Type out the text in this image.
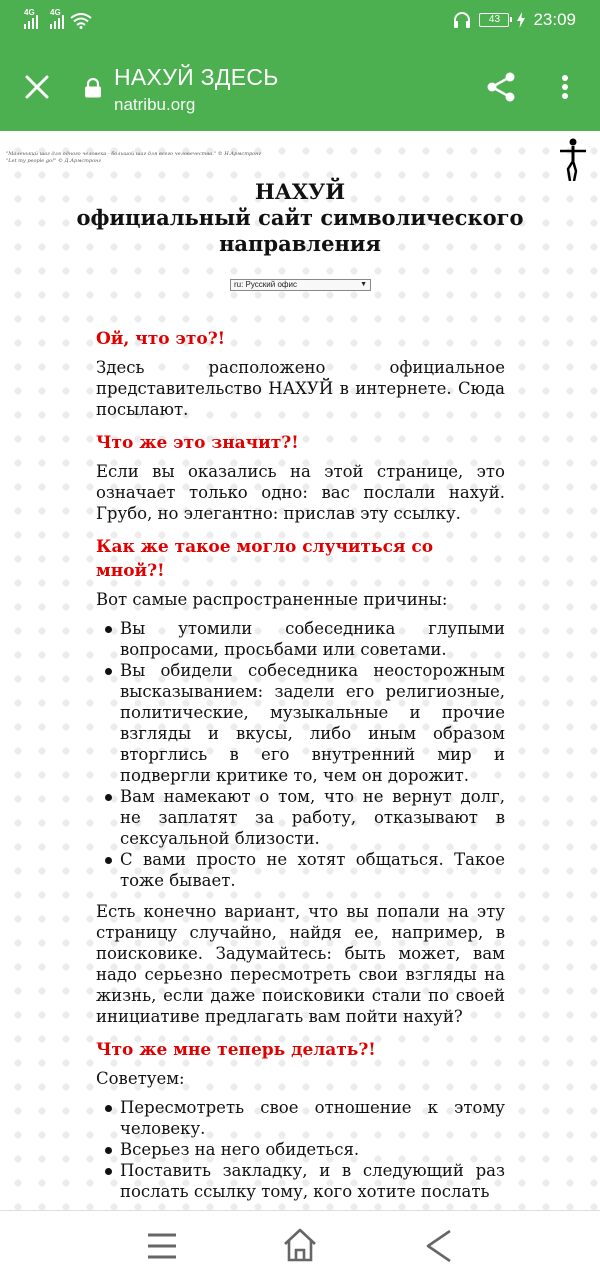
4G 4G
43	23:09
НАХУЙ ЗДЕСЬ
natribu.org
"Маленький шаг для одного человека - большой шаг для всего человечества." © Н.Армстронг
"Let my people go!" © Д.Армстронг
НАХУЙ
официальный сайт символического
направления
ru: Русский офис	▼
Ой, что это?!

Здесь расположено официальное представительство НАХУЙ в интернете. Сюда посылают.

Что же это значит?!

Если вы оказались на этой странице, это означает только одно: вас послали нахуй. Грубо, но элегантно: прислав эту ссылку.

Как же такое могло случиться со мной?!

Вот самые распространенные причины:

Вы утомили собеседника глупыми вопросами, просьбами или советами.
Вы обидели собеседника неосторожным высказыванием: задели его религиозные, политические, музыкальные и прочие взгляды и вкусы, либо иным образом вторглись в его внутренний мир и подвергли критике то, чем он дорожит.
Вам намекают о том, что не вернут долг, не заплатят за работу, отказывают в сексуальной близости.
С вами просто не хотят общаться. Такое тоже бывает.

Есть конечно вариант, что вы попали на эту страницу случайно, найдя ее, например, в поисковике. Задумайтесь: быть может, вам надо серьезно пересмотреть свои взгляды на жизнь, если даже поисковики стали по своей инициативе предлагать вам пойти нахуй?

Что же мне теперь делать?!

Советуем:

Пересмотреть свое отношение к этому человеку.
Всерьез на него обидеться.
Поставить закладку, и в следующий раз послать ссылку тому, кого хотите послать
